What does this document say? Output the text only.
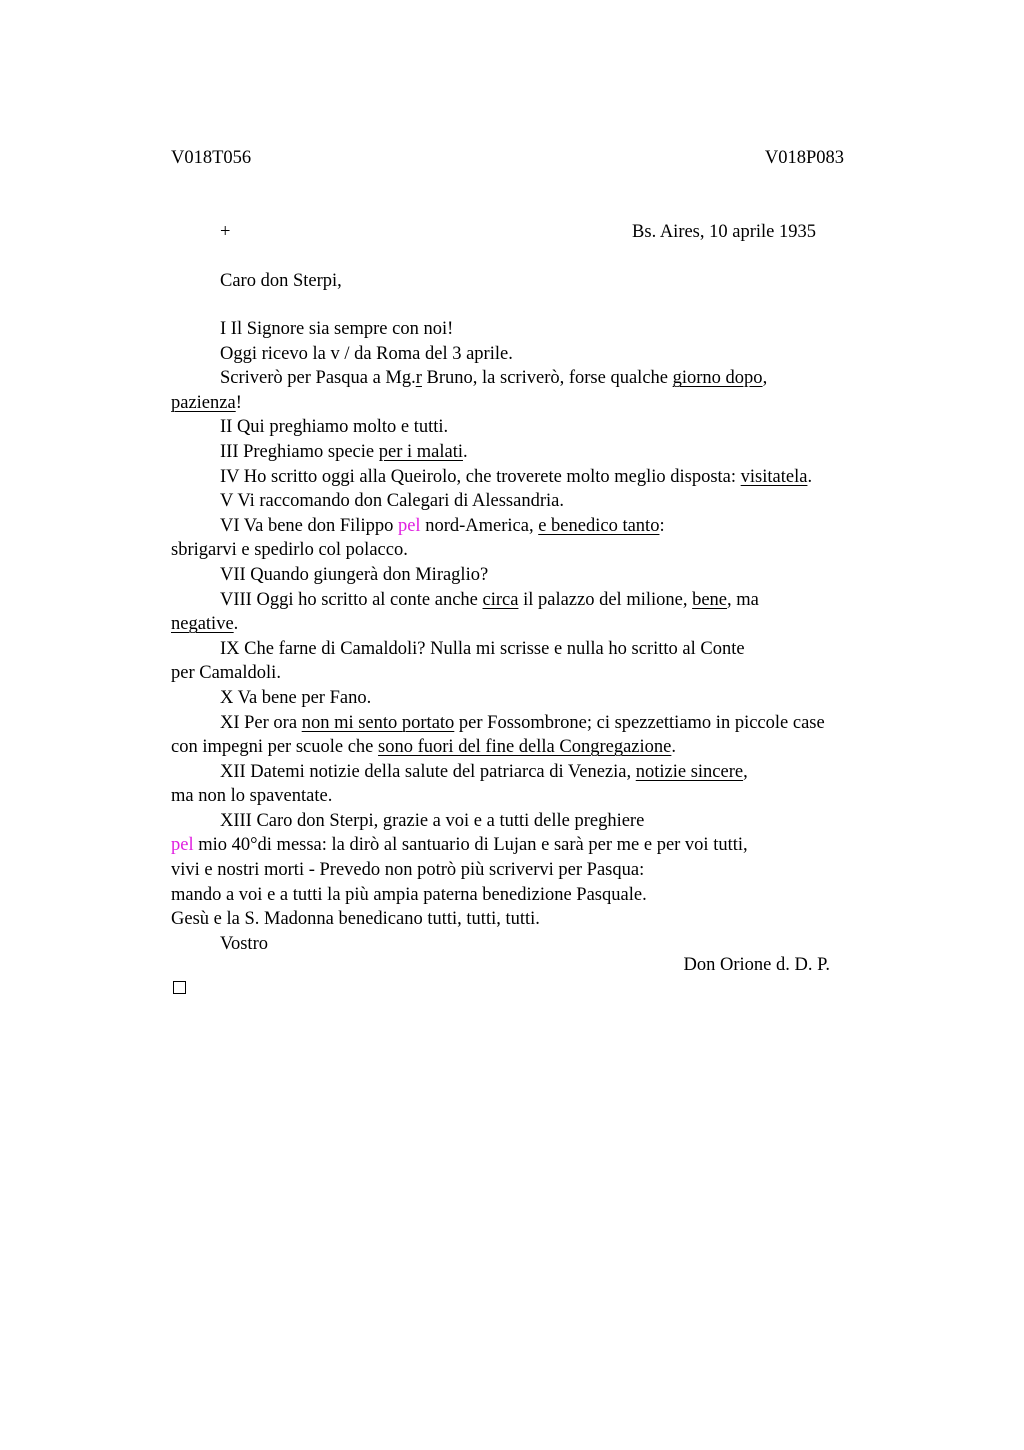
V018T056	V018P083
+	Bs. Aires, 10 aprile 1935
Caro don Sterpi,
I Il Signore sia sempre con noi!
Oggi ricevo la v / da Roma del 3 aprile.
Scriverò per Pasqua a Mg.r Bruno, la scriverò, forse qualche giorno dopo,
pazienza!
II Qui preghiamo molto e tutti.
III Preghiamo specie per i malati.
IV Ho scritto oggi alla Queirolo, che troverete molto meglio disposta: visitatela.
V Vi raccomando don Calegari di Alessandria.
VI Va bene don Filippo pel nord-America, e benedico tanto:
sbrigarvi e spedirlo col polacco.
VII Quando giungerà don Miraglio?
VIII Oggi ho scritto al conte anche circa il palazzo del milione, bene, ma
negative.
IX Che farne di Camaldoli? Nulla mi scrisse e nulla ho scritto al Conte
per Camaldoli.
X Va bene per Fano.
XI Per ora non mi sento portato per Fossombrone; ci spezzettiamo in piccole case
con impegni per scuole che sono fuori del fine della Congregazione.
XII Datemi notizie della salute del patriarca di Venezia, notizie sincere,
ma non lo spaventate.
XIII Caro don Sterpi, grazie a voi e a tutti delle preghiere
pel mio 40°di messa: la dirò al santuario di Lujan e sarà per me e per voi tutti,
vivi e nostri morti - Prevedo non potrò più scrivervi per Pasqua:
mando a voi e a tutti la più ampia paterna benedizione Pasquale.
Gesù e la S. Madonna benedicano tutti, tutti, tutti.
Vostro
Don Orione d. D. P.
